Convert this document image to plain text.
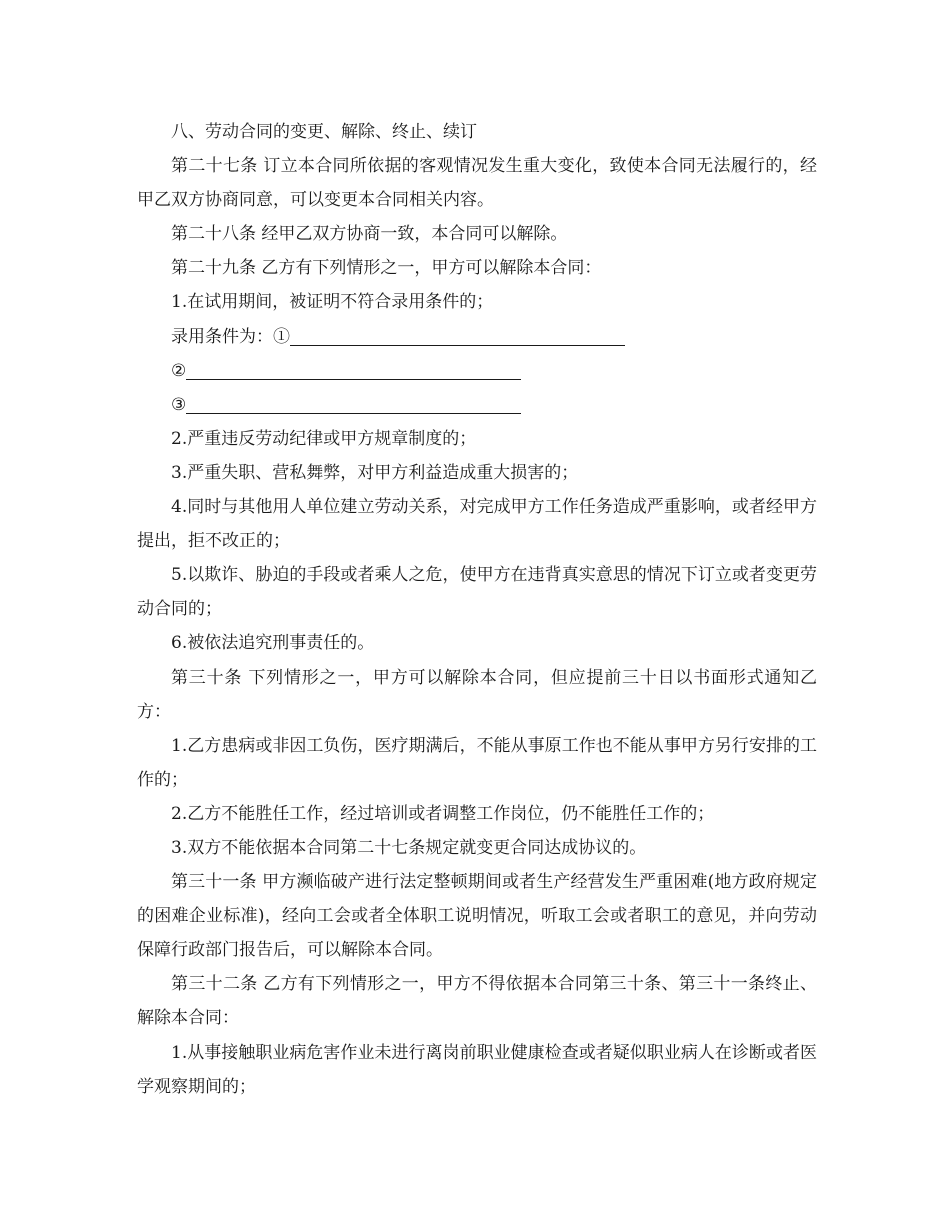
八、劳动合同的变更、解除、终止、续订

第二十七条 订立本合同所依据的客观情况发生重大变化，致使本合同无法履行的，经甲乙双方协商同意，可以变更本合同相关内容。

第二十八条 经甲乙双方协商一致，本合同可以解除。

第二十九条 乙方有下列情形之一，甲方可以解除本合同：

1.在试用期间，被证明不符合录用条件的；

录用条件为：①
②
③

2.严重违反劳动纪律或甲方规章制度的；

3.严重失职、营私舞弊，对甲方利益造成重大损害的；

4.同时与其他用人单位建立劳动关系，对完成甲方工作任务造成严重影响，或者经甲方提出，拒不改正的；

5.以欺诈、胁迫的手段或者乘人之危，使甲方在违背真实意思的情况下订立或者变更劳动合同的；

6.被依法追究刑事责任的。

第三十条 下列情形之一，甲方可以解除本合同，但应提前三十日以书面形式通知乙方：

1.乙方患病或非因工负伤，医疗期满后，不能从事原工作也不能从事甲方另行安排的工作的；

2.乙方不能胜任工作，经过培训或者调整工作岗位，仍不能胜任工作的；

3.双方不能依据本合同第二十七条规定就变更合同达成协议的。

第三十一条 甲方濒临破产进行法定整顿期间或者生产经营发生严重困难(地方政府规定的困难企业标准)，经向工会或者全体职工说明情况，听取工会或者职工的意见，并向劳动保障行政部门报告后，可以解除本合同。

第三十二条 乙方有下列情形之一，甲方不得依据本合同第三十条、第三十一条终止、解除本合同：

1.从事接触职业病危害作业未进行离岗前职业健康检查或者疑似职业病人在诊断或者医学观察期间的；
